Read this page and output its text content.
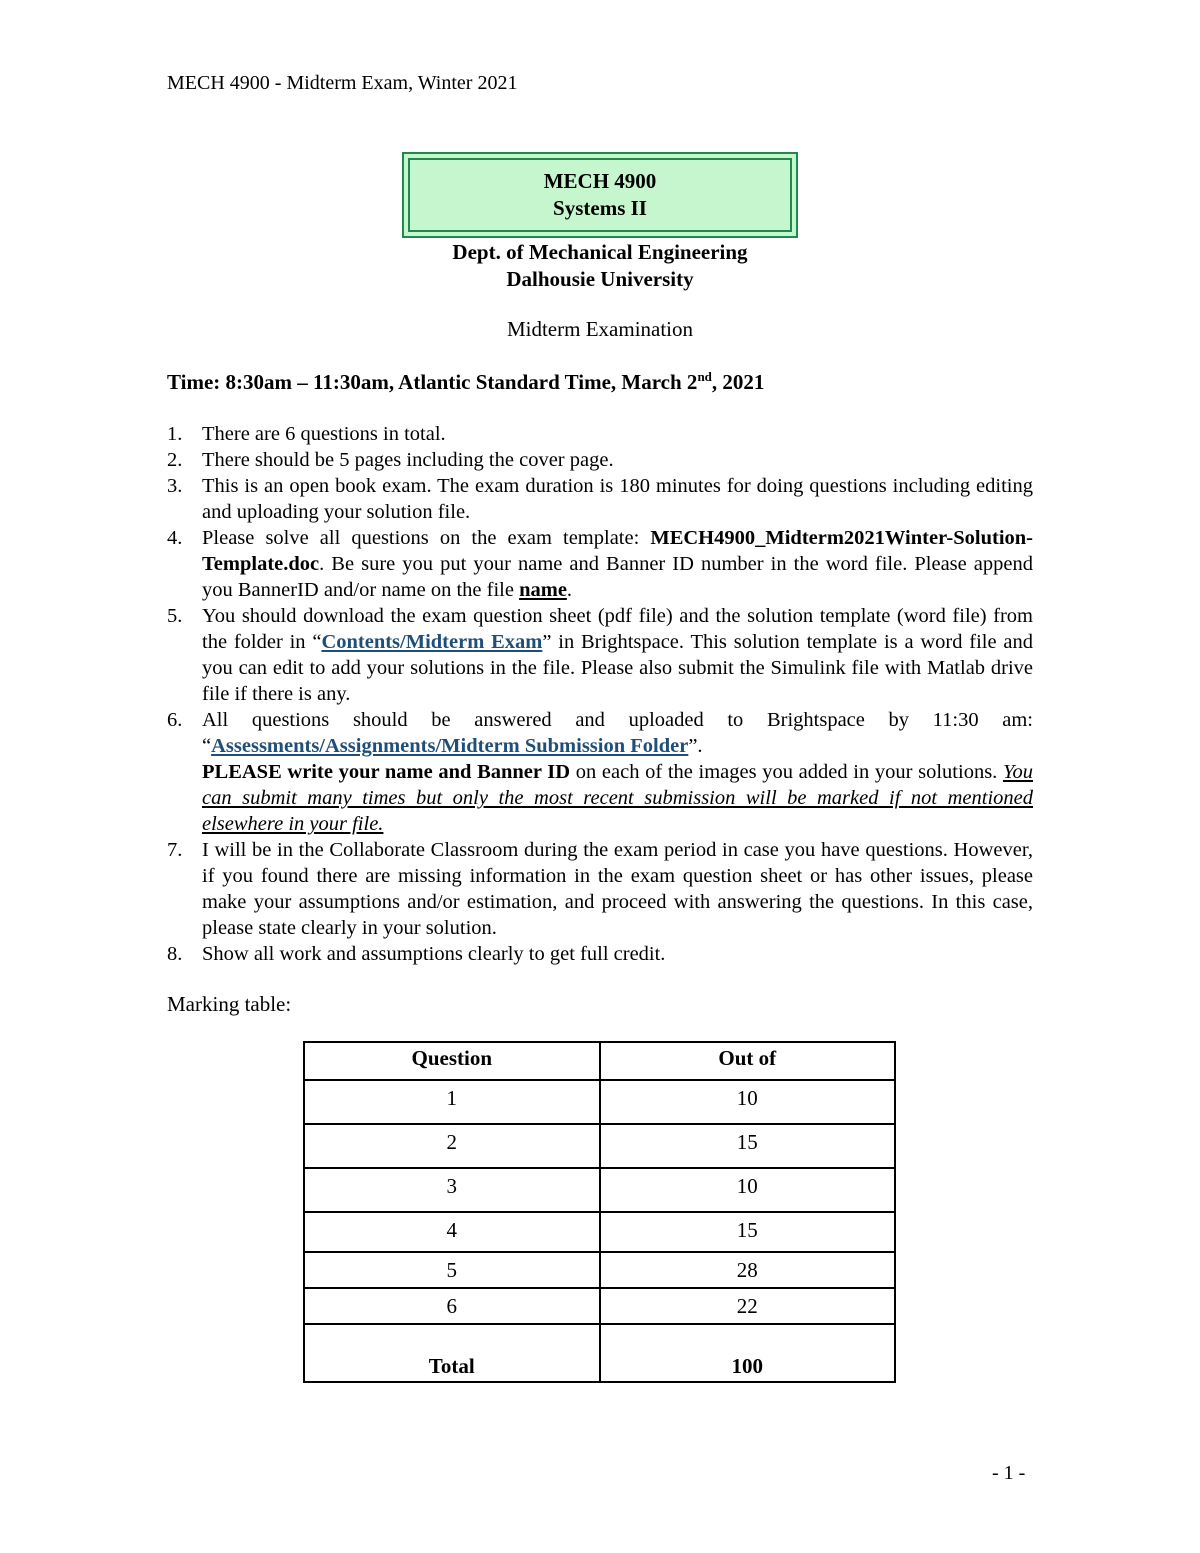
MECH 4900 - Midterm Exam, Winter 2021
MECH 4900
Systems II
Dept. of Mechanical Engineering
Dalhousie University
Midterm Examination
Time: 8:30am – 11:30am, Atlantic Standard Time, March 2nd, 2021
1. There are 6 questions in total.
2. There should be 5 pages including the cover page.
3. This is an open book exam. The exam duration is 180 minutes for doing questions including editing and uploading your solution file.
4. Please solve all questions on the exam template: MECH4900_Midterm2021Winter-Solution-Template.doc. Be sure you put your name and Banner ID number in the word file. Please append you BannerID and/or name on the file name.
5. You should download the exam question sheet (pdf file) and the solution template (word file) from the folder in “Contents/Midterm Exam” in Brightspace. This solution template is a word file and you can edit to add your solutions in the file. Please also submit the Simulink file with Matlab drive file if there is any.
6. All questions should be answered and uploaded to Brightspace by 11:30 am: “Assessments/Assignments/Midterm Submission Folder”.
PLEASE write your name and Banner ID on each of the images you added in your solutions. You can submit many times but only the most recent submission will be marked if not mentioned elsewhere in your file.
7. I will be in the Collaborate Classroom during the exam period in case you have questions. However, if you found there are missing information in the exam question sheet or has other issues, please make your assumptions and/or estimation, and proceed with answering the questions. In this case, please state clearly in your solution.
8. Show all work and assumptions clearly to get full credit.
Marking table:
Question	Out of
1	10
2	15
3	10
4	15
5	28
6	22
Total	100
- 1 -
